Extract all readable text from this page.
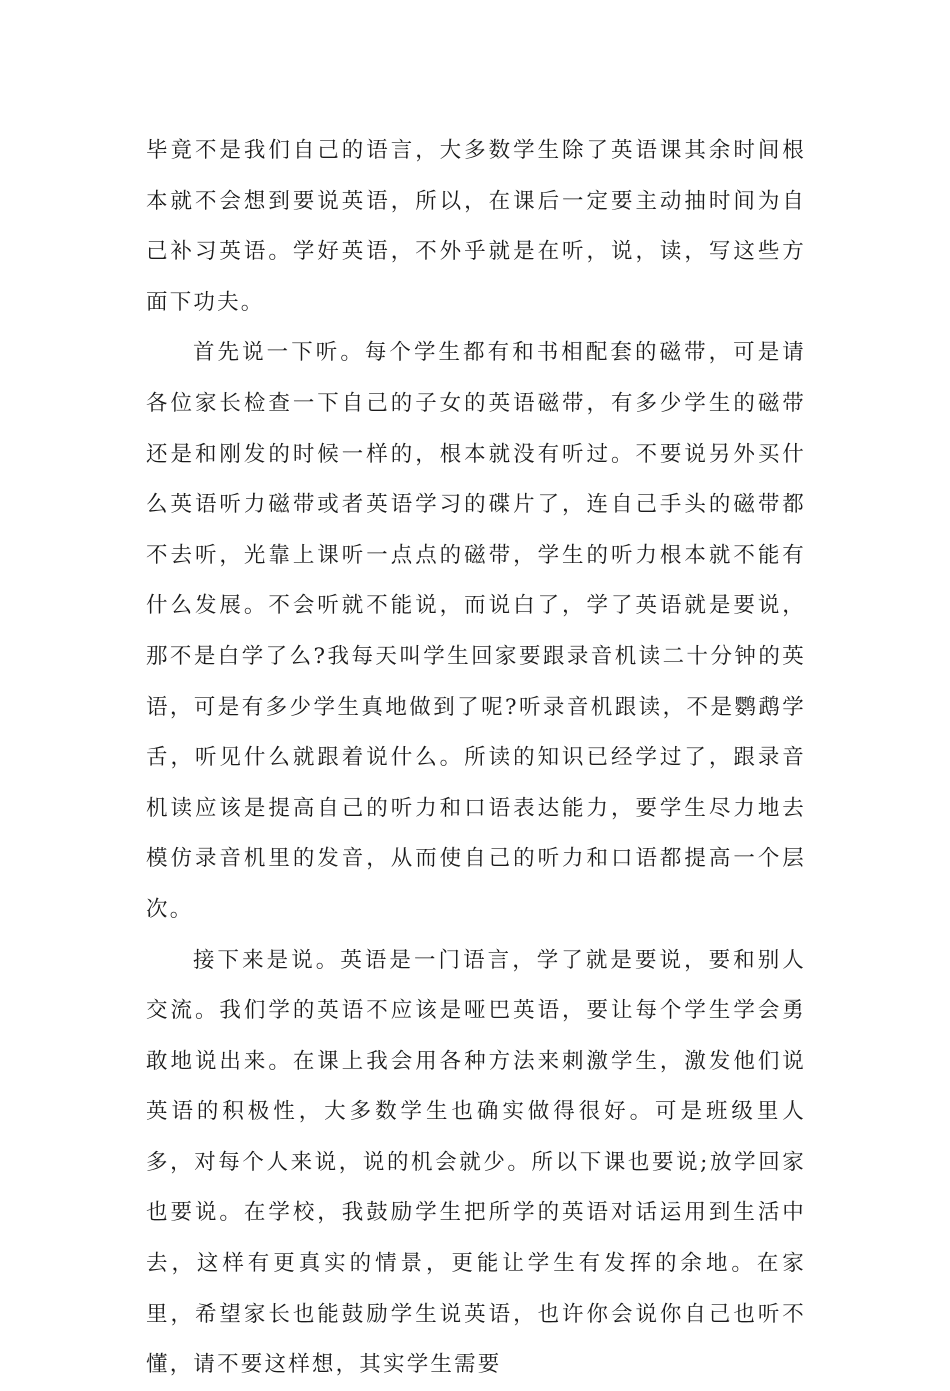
毕竟不是我们自己的语言，大多数学生除了英语课其余时间根本就不会想到要说英语，所以，在课后一定要主动抽时间为自己补习英语。学好英语，不外乎就是在听，说，读，写这些方面下功夫。

首先说一下听。每个学生都有和书相配套的磁带，可是请各位家长检查一下自己的子女的英语磁带，有多少学生的磁带还是和刚发的时候一样的，根本就没有听过。不要说另外买什么英语听力磁带或者英语学习的碟片了，连自己手头的磁带都不去听，光靠上课听一点点的磁带，学生的听力根本就不能有什么发展。不会听就不能说，而说白了，学了英语就是要说，那不是白学了么?我每天叫学生回家要跟录音机读二十分钟的英语，可是有多少学生真地做到了呢?听录音机跟读，不是鹦鹉学舌，听见什么就跟着说什么。所读的知识已经学过了，跟录音机读应该是提高自己的听力和口语表达能力，要学生尽力地去模仿录音机里的发音，从而使自己的听力和口语都提高一个层次。

接下来是说。英语是一门语言，学了就是要说，要和别人交流。我们学的英语不应该是哑巴英语，要让每个学生学会勇敢地说出来。在课上我会用各种方法来刺激学生，激发他们说英语的积极性，大多数学生也确实做得很好。可是班级里人多，对每个人来说，说的机会就少。所以下课也要说;放学回家也要说。在学校，我鼓励学生把所学的英语对话运用到生活中去，这样有更真实的情景，更能让学生有发挥的余地。在家里，希望家长也能鼓励学生说英语，也许你会说你自己也听不懂，请不要这样想，其实学生需要
